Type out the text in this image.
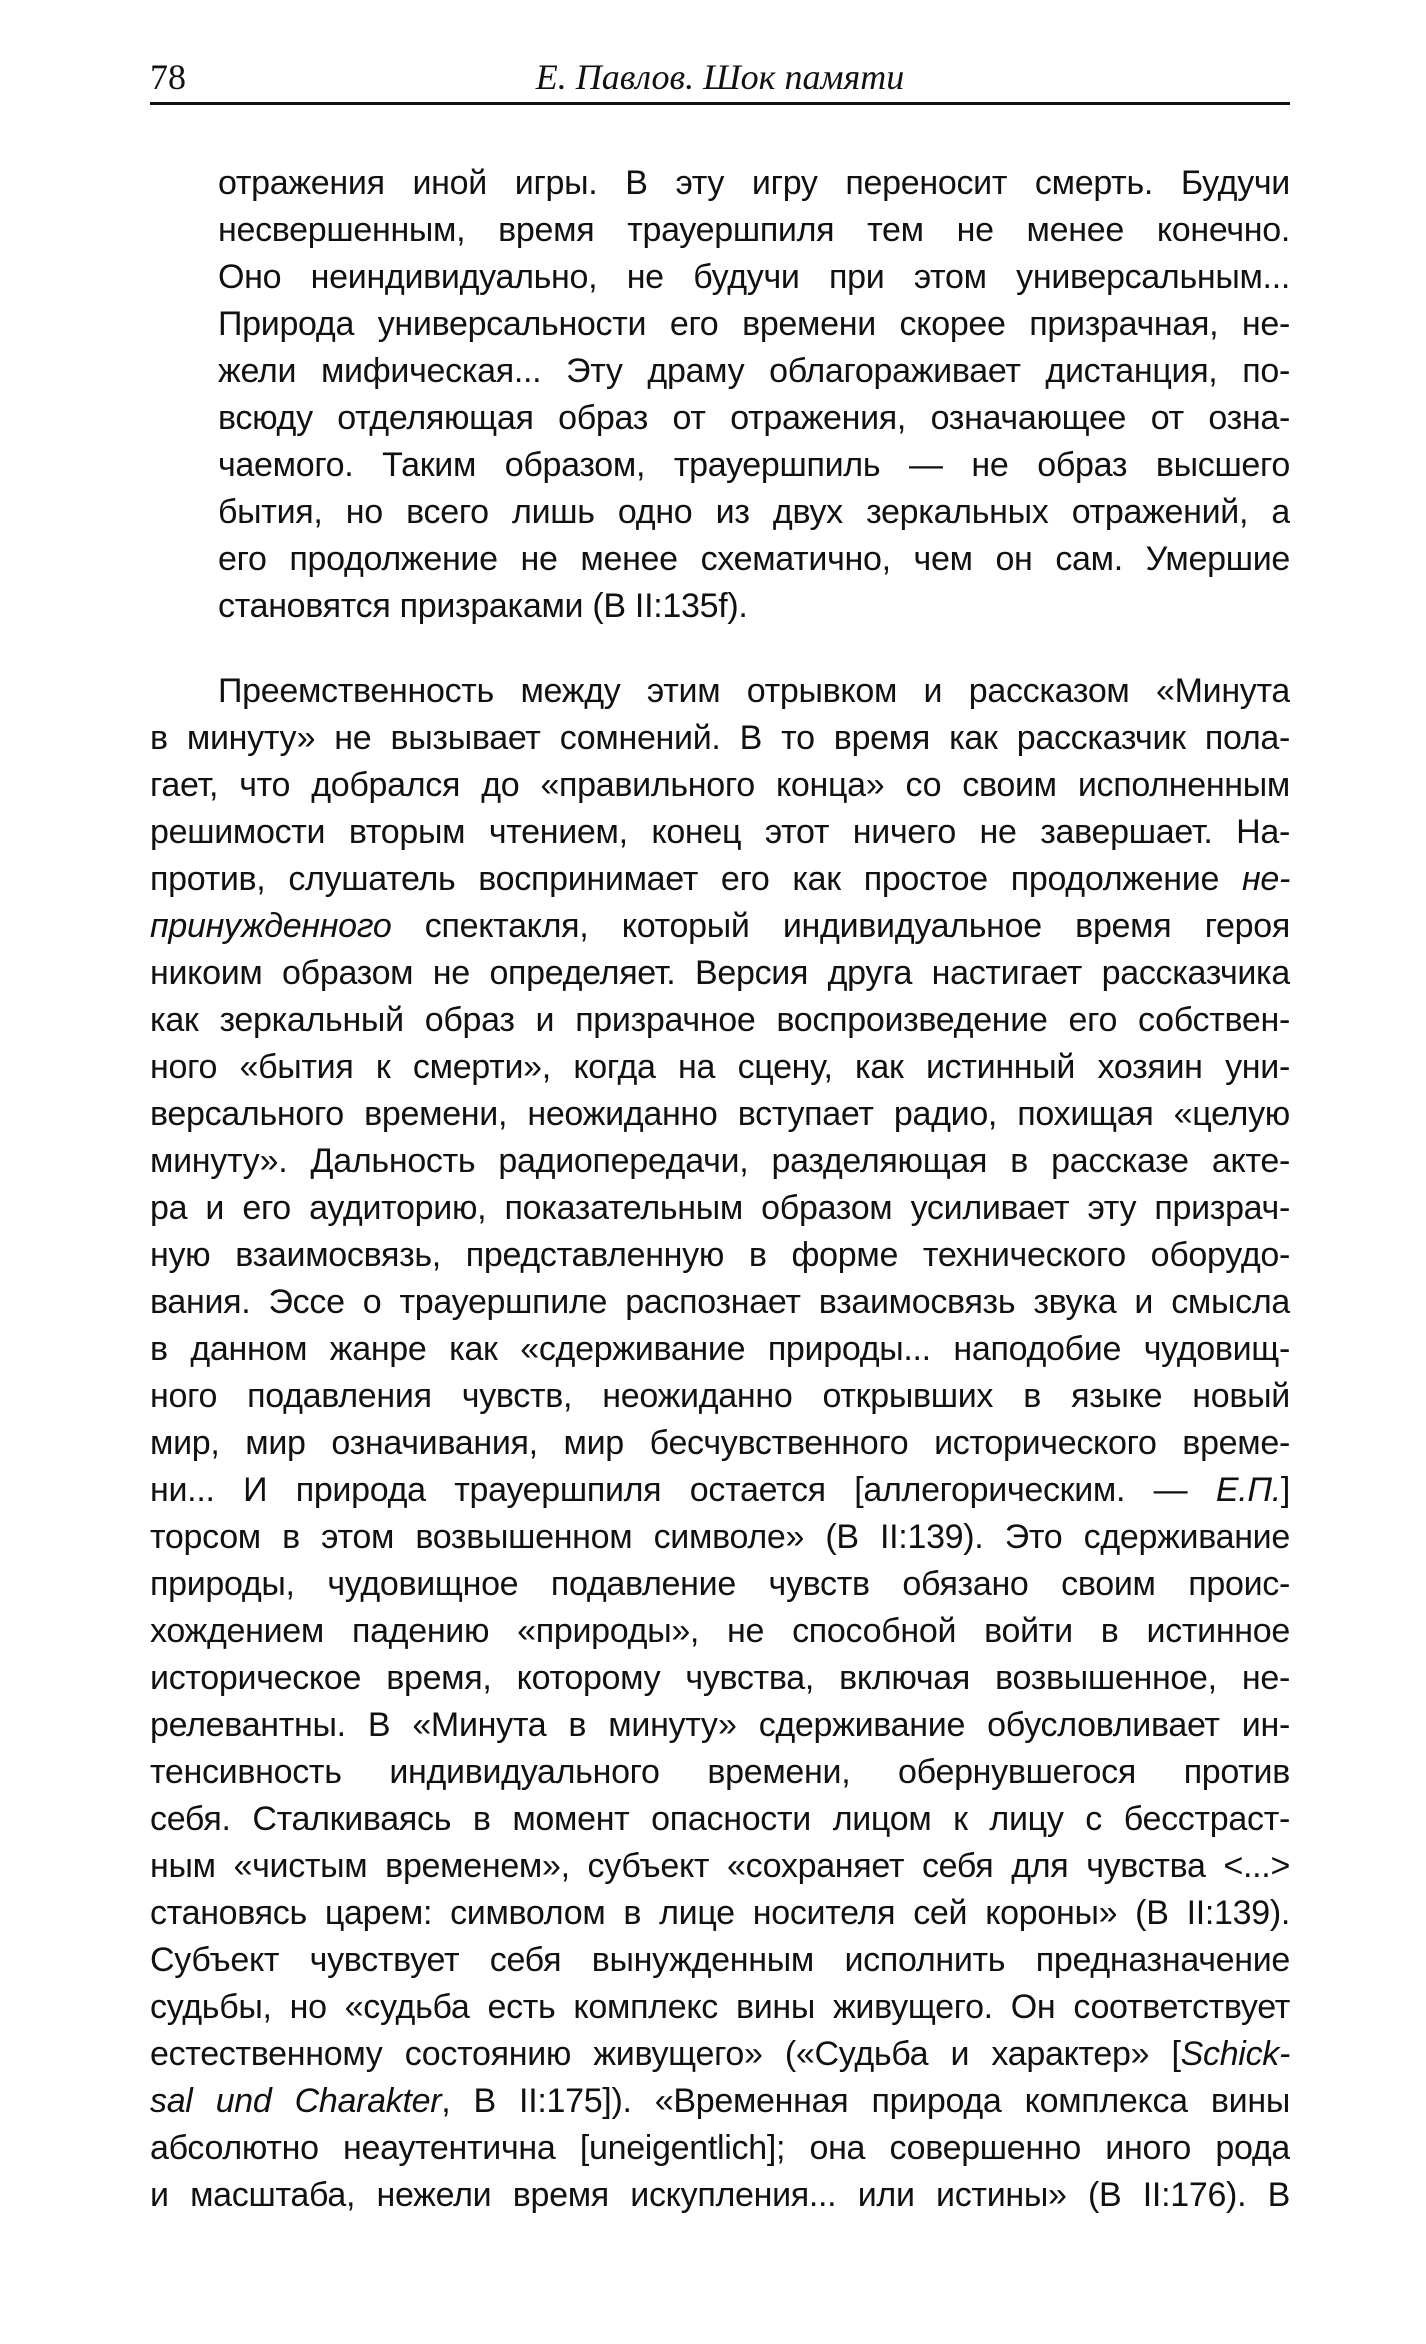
78	Е. Павлов. Шок памяти
отражения иной игры. В эту игру переносит смерть. Будучи
несвершенным, время трауершпиля тем не менее конечно.
Оно неиндивидуально, не будучи при этом универсальным...
Природа универсальности его времени скорее призрачная, не-
жели мифическая... Эту драму облагораживает дистанция, по-
всюду отделяющая образ от отражения, означающее от озна-
чаемого. Таким образом, трауершпиль — не образ высшего
бытия, но всего лишь одно из двух зеркальных отражений, а
его продолжение не менее схематично, чем он сам. Умершие
становятся призраками (В II:135f).
Преемственность между этим отрывком и рассказом «Минута
в минуту» не вызывает сомнений. В то время как рассказчик пола-
гает, что добрался до «правильного конца» со своим исполненным
решимости вторым чтением, конец этот ничего не завершает. На-
против, слушатель воспринимает его как простое продолжение не-
принужденного спектакля, который индивидуальное время героя
никоим образом не определяет. Версия друга настигает рассказчика
как зеркальный образ и призрачное воспроизведение его собствен-
ного «бытия к смерти», когда на сцену, как истинный хозяин уни-
версального времени, неожиданно вступает радио, похищая «целую
минуту». Дальность радиопередачи, разделяющая в рассказе акте-
ра и его аудиторию, показательным образом усиливает эту призрач-
ную взаимосвязь, представленную в форме технического оборудо-
вания. Эссе о трауершпиле распознает взаимосвязь звука и смысла
в данном жанре как «сдерживание природы... наподобие чудовищ-
ного подавления чувств, неожиданно открывших в языке новый
мир, мир означивания, мир бесчувственного исторического време-
ни... И природа трауершпиля остается [аллегорическим. — Е.П.]
торсом в этом возвышенном символе» (В II:139). Это сдерживание
природы, чудовищное подавление чувств обязано своим проис-
хождением падению «природы», не способной войти в истинное
историческое время, которому чувства, включая возвышенное, не-
релевантны. В «Минута в минуту» сдерживание обусловливает ин-
тенсивность индивидуального времени, обернувшегося против
себя. Сталкиваясь в момент опасности лицом к лицу с бесстраст-
ным «чистым временем», субъект «сохраняет себя для чувства <...>
становясь царем: символом в лице носителя сей короны» (В II:139).
Субъект чувствует себя вынужденным исполнить предназначение
судьбы, но «судьба есть комплекс вины живущего. Он соответствует
естественному состоянию живущего» («Судьба и характер» [Schick-
sal und Charakter, В II:175]). «Временная природа комплекса вины
абсолютно неаутентична [uneigentlich]; она совершенно иного рода
и масштаба, нежели время искупления... или истины» (В II:176). В
